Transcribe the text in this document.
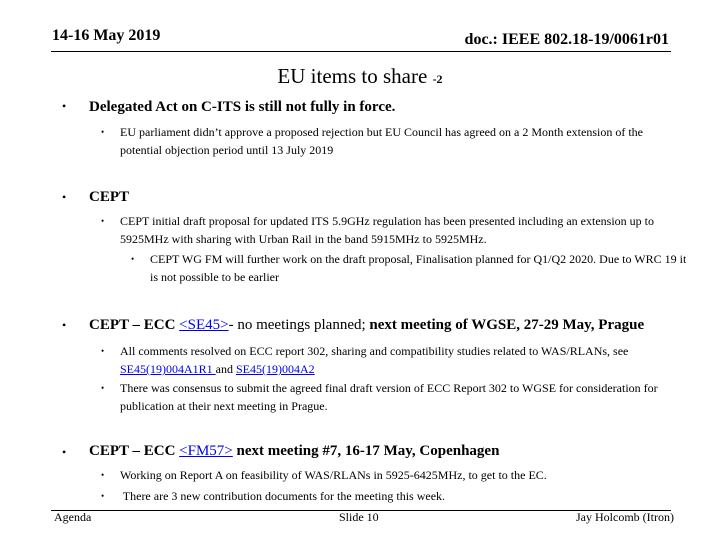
14-16 May 2019	doc.: IEEE 802.18-19/0061r01
EU items to share -2
• Delegated Act on C-ITS is still not fully in force.
• EU parliament didn’t approve a proposed rejection but EU Council has agreed on a 2 Month extension of the potential objection period until 13 July 2019
• CEPT
• CEPT initial draft proposal for updated ITS 5.9GHz regulation has been presented including an extension up to 5925MHz with sharing with Urban Rail in the band 5915MHz to 5925MHz.
• CEPT WG FM will further work on the draft proposal, Finalisation planned for Q1/Q2 2020. Due to WRC 19 it is not possible to be earlier
• CEPT – ECC <SE45>- no meetings planned; next meeting of WGSE, 27-29 May, Prague
• All comments resolved on ECC report 302, sharing and compatibility studies related to WAS/RLANs, see SE45(19)004A1R1 and SE45(19)004A2
• There was consensus to submit the agreed final draft version of ECC Report 302 to WGSE for consideration for publication at their next meeting in Prague.
• CEPT – ECC <FM57> next meeting #7, 16-17 May, Copenhagen
• Working on Report A on feasibility of WAS/RLANs in 5925-6425MHz, to get to the EC.
• There are 3 new contribution documents for the meeting this week.
Agenda	Slide 10	Jay Holcomb (Itron)
